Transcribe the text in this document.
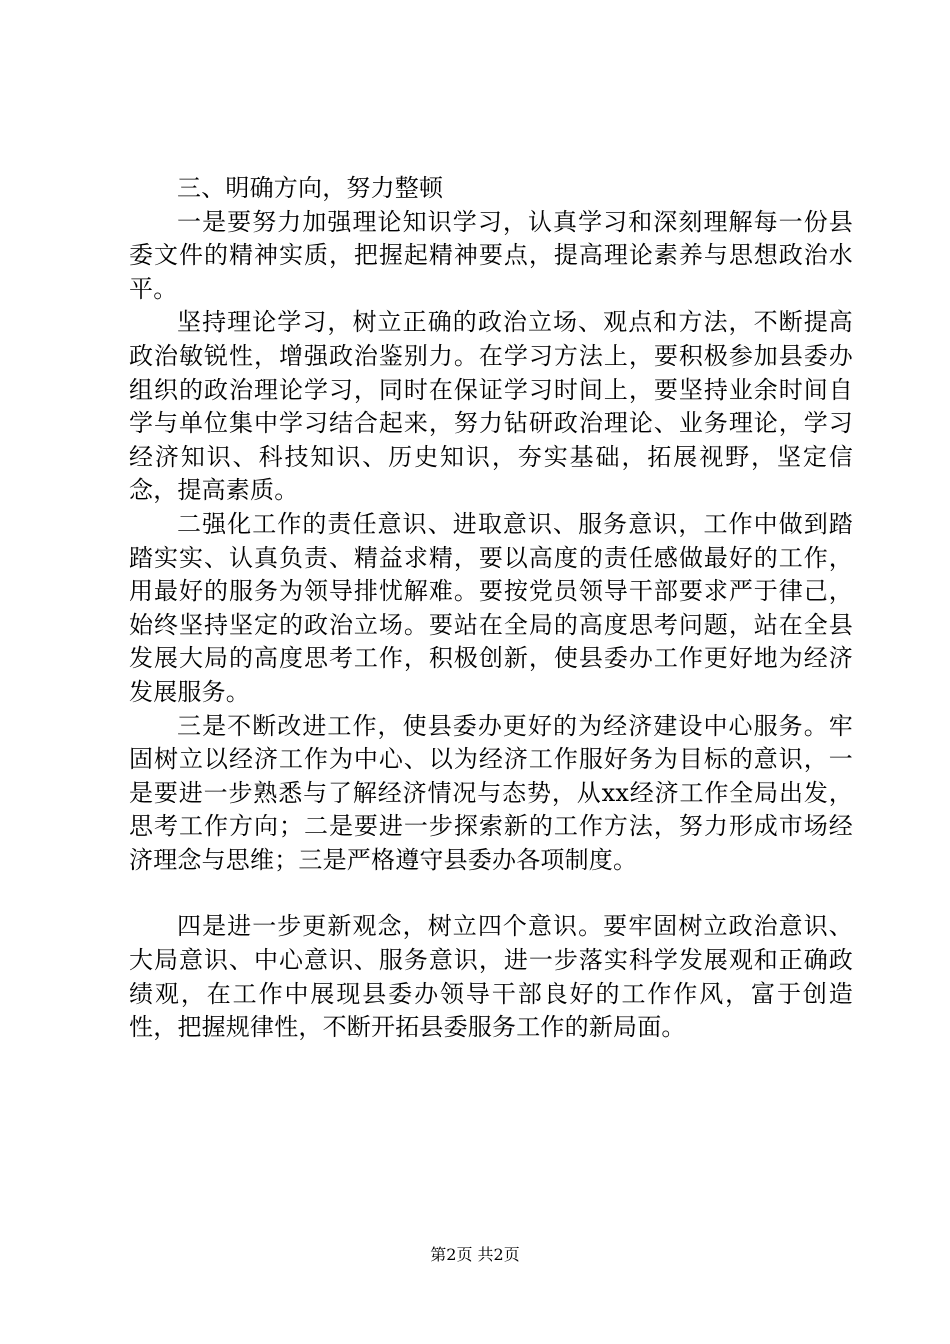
三、明确方向，努力整顿

一是要努力加强理论知识学习，认真学习和深刻理解每一份县委文件的精神实质，把握起精神要点，提高理论素养与思想政治水平。

坚持理论学习，树立正确的政治立场、观点和方法，不断提高政治敏锐性，增强政治鉴别力。在学习方法上，要积极参加县委办组织的政治理论学习，同时在保证学习时间上，要坚持业余时间自学与单位集中学习结合起来，努力钻研政治理论、业务理论，学习经济知识、科技知识、历史知识，夯实基础，拓展视野，坚定信念，提高素质。

二强化工作的责任意识、进取意识、服务意识，工作中做到踏踏实实、认真负责、精益求精，要以高度的责任感做最好的工作，用最好的服务为领导排忧解难。要按党员领导干部要求严于律己，始终坚持坚定的政治立场。要站在全局的高度思考问题，站在全县发展大局的高度思考工作，积极创新，使县委办工作更好地为经济发展服务。

三是不断改进工作，使县委办更好的为经济建设中心服务。牢固树立以经济工作为中心、以为经济工作服好务为目标的意识，一是要进一步熟悉与了解经济情况与态势，从xx经济工作全局出发，思考工作方向；二是要进一步探索新的工作方法，努力形成市场经济理念与思维；三是严格遵守县委办各项制度。

四是进一步更新观念，树立四个意识。要牢固树立政治意识、大局意识、中心意识、服务意识，进一步落实科学发展观和正确政绩观，在工作中展现县委办领导干部良好的工作作风，富于创造性，把握规律性，不断开拓县委服务工作的新局面。

第2页 共2页
